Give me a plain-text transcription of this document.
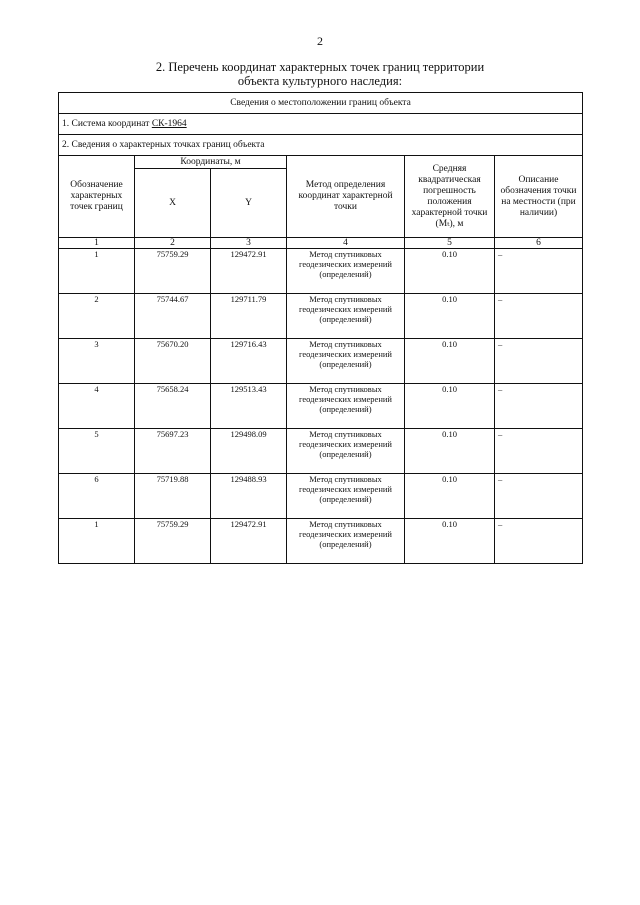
2
2. Перечень координат характерных точек границ территории
объекта культурного наследия:
Сведения о местоположении границ объекта					
1. Система координат СК-1964					
2. Сведения о характерных точках границ объекта					
Обозначение характерных точек границ	Координаты, м		Метод определения координат характерной точки	Средняя квадратическая погрешность положения характерной точки (Mₜ), м	Описание обозначения точки на местности (при наличии)
	X	Y			
1	2	3	4	5	6
1	75759.29	129472.91	Метод спутниковых геодезических измерений (определений)	0.10	–
2	75744.67	129711.79	Метод спутниковых геодезических измерений (определений)	0.10	–
3	75670.20	129716.43	Метод спутниковых геодезических измерений (определений)	0.10	–
4	75658.24	129513.43	Метод спутниковых геодезических измерений (определений)	0.10	–
5	75697.23	129498.09	Метод спутниковых геодезических измерений (определений)	0.10	–
6	75719.88	129488.93	Метод спутниковых геодезических измерений (определений)	0.10	–
1	75759.29	129472.91	Метод спутниковых геодезических измерений (определений)	0.10	–
